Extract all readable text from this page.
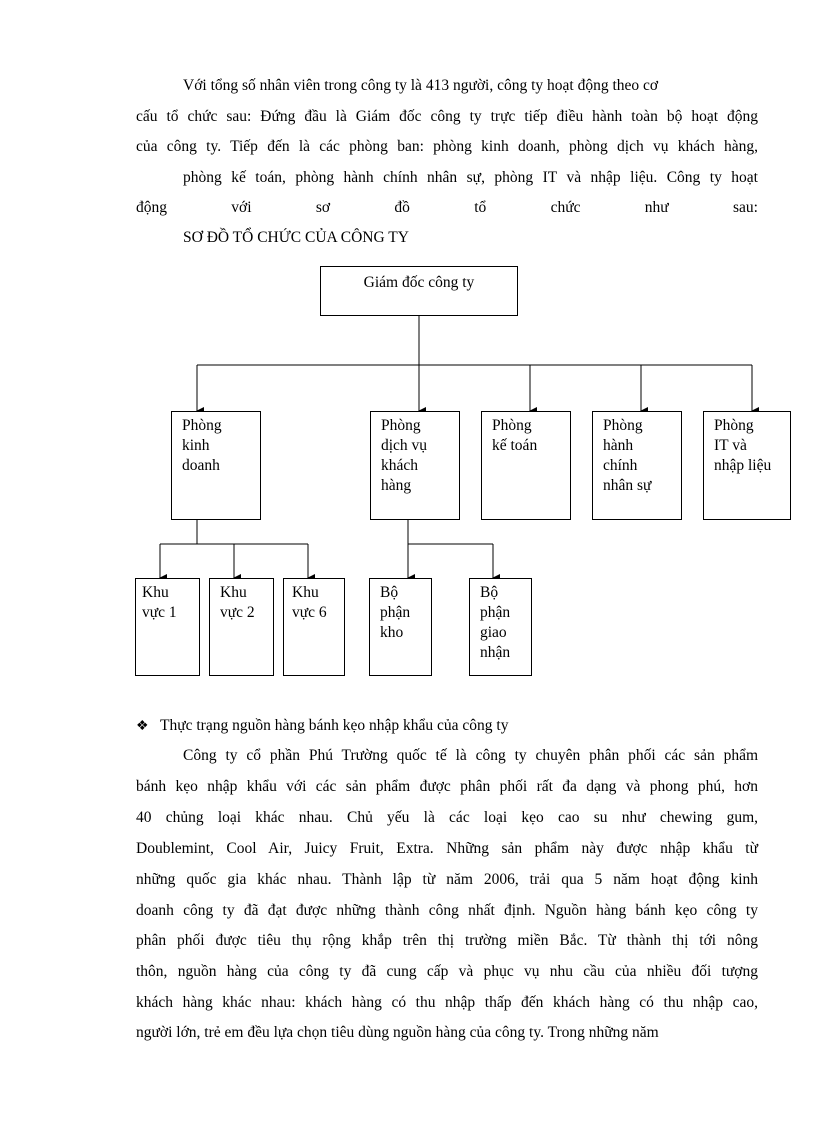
Với tổng số nhân viên trong công ty là 413 người, công ty hoạt động theo cơ
cấu tổ chức sau: Đứng đầu là Giám đốc công ty trực tiếp điều hành toàn bộ hoạt động
của công ty. Tiếp đến là các phòng ban: phòng kinh doanh, phòng dịch vụ khách hàng,
phòng kế toán, phòng hành chính nhân sự, phòng IT và nhập liệu. Công ty hoạt
động với sơ đồ tổ chức như sau:
SƠ ĐỒ TỔ CHỨC CỦA CÔNG TY
Giám đốc công ty
Phòng
kinh
doanh
Phòng
dịch vụ
khách
hàng
Phòng
kế toán
Phòng
hành
chính
nhân sự
Phòng
IT và
nhập liệu
Khu
vực 1
Khu
vực 2
Khu
vực 6
Bộ
phận
kho
Bộ
phận
giao
nhận
❖ Thực trạng nguồn hàng bánh kẹo nhập khẩu của công ty
Công ty cổ phần Phú Trường quốc tế là công ty chuyên phân phối các sản phẩm
bánh kẹo nhập khẩu với các sản phẩm được phân phối rất đa dạng và phong phú, hơn
40 chủng loại khác nhau. Chủ yếu là các loại kẹo cao su như chewing gum,
Doublemint, Cool Air, Juicy Fruit, Extra. Những sản phẩm này được nhập khẩu từ
những quốc gia khác nhau. Thành lập từ năm 2006, trải qua 5 năm hoạt động kinh
doanh công ty đã đạt được những thành công nhất định. Nguồn hàng bánh kẹo công ty
phân phối được tiêu thụ rộng khắp trên thị trường miền Bắc. Từ thành thị tới nông
thôn, nguồn hàng của công ty đã cung cấp và phục vụ nhu cầu của nhiều đối tượng
khách hàng khác nhau: khách hàng có thu nhập thấp đến khách hàng có thu nhập cao,
người lớn, trẻ em đều lựa chọn tiêu dùng nguồn hàng của công ty. Trong những năm
